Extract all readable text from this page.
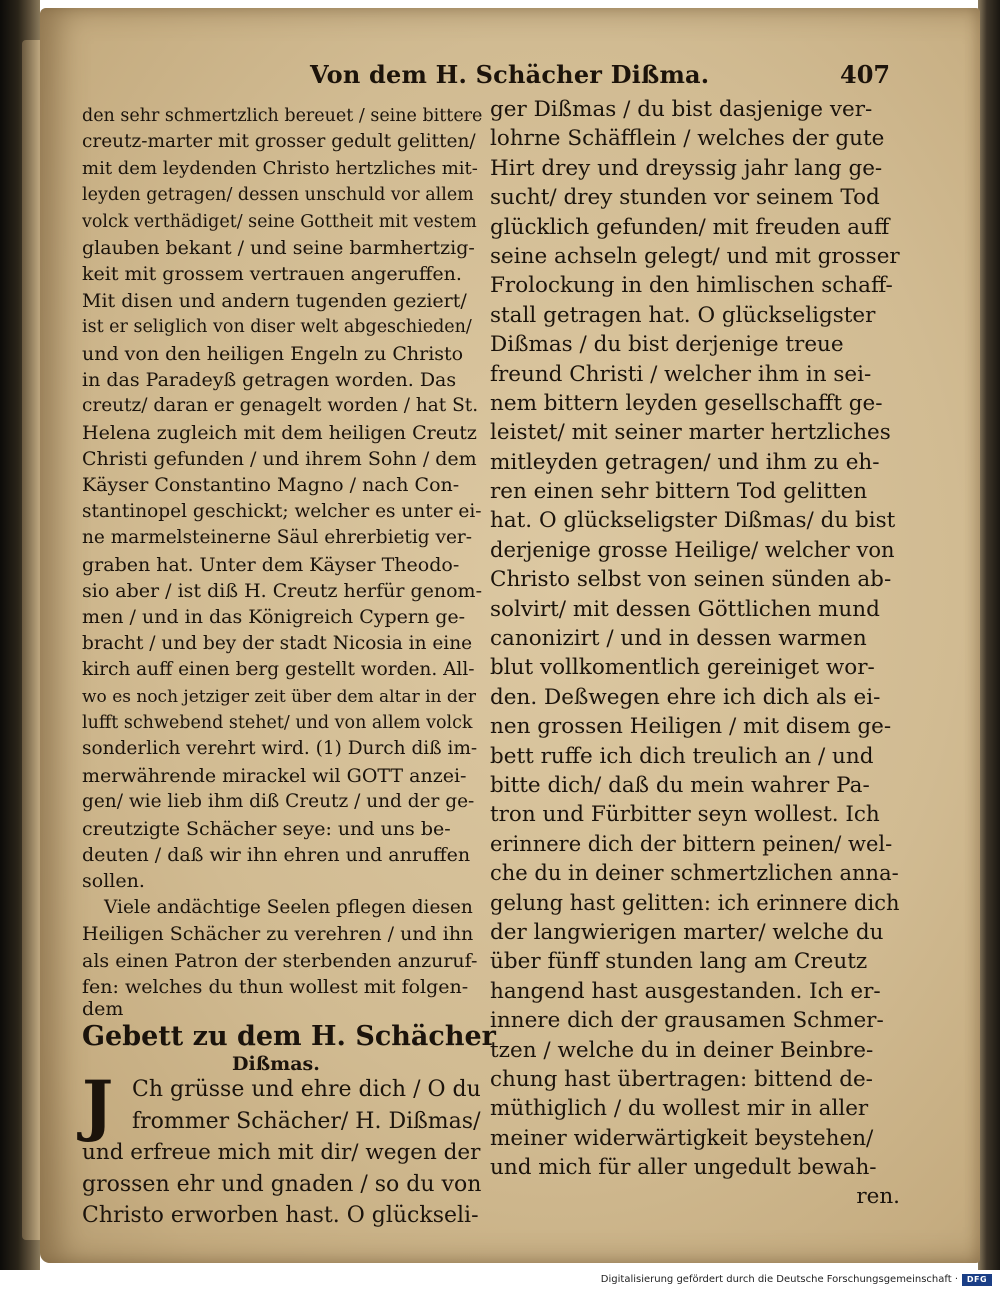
Von dem H. Schächer Dißma.	407
den sehr schmertzlich bereuet / seine bittere
creutz-marter mit grosser gedult gelitten/
mit dem leydenden Christo hertzliches mit-
leyden getragen/ dessen unschuld vor allem
volck verthädiget/ seine Gottheit mit vestem
glauben bekant / und seine barmhertzig-
keit mit grossem vertrauen angeruffen.
Mit disen und andern tugenden geziert/
ist er seliglich von diser welt abgeschieden/
und von den heiligen Engeln zu Christo
in das Paradeyß getragen worden. Das
creutz/ daran er genagelt worden / hat St.
Helena zugleich mit dem heiligen Creutz
Christi gefunden / und ihrem Sohn / dem
Käyser Constantino Magno / nach Con-
stantinopel geschickt; welcher es unter ei-
ne marmelsteinerne Säul ehrerbietig ver-
graben hat. Unter dem Käyser Theodo-
sio aber / ist diß H. Creutz herfür genom-
men / und in das Königreich Cypern ge-
bracht / und bey der stadt Nicosia in eine
kirch auff einen berg gestellt worden. All-
wo es noch jetziger zeit über dem altar in der
lufft schwebend stehet/ und von allem volck
sonderlich verehrt wird. (1) Durch diß im-
merwährende mirackel wil GOTT anzei-
gen/ wie lieb ihm diß Creutz / und der ge-
creutzigte Schächer seye: und uns be-
deuten / daß wir ihn ehren und anruffen
sollen.
Viele andächtige Seelen pflegen diesen
Heiligen Schächer zu verehren / und ihn
als einen Patron der sterbenden anzuruf-
fen: welches du thun wollest mit folgen-
dem
Gebett zu dem H. Schächer
Dißmas.
J Ch grüsse und ehre dich / O du
frommer Schächer/ H. Dißmas/
und erfreue mich mit dir/ wegen der
grossen ehr und gnaden / so du von
Christo erworben hast. O glückseli-
ger Dißmas / du bist dasjenige ver-
lohrne Schäfflein / welches der gute
Hirt drey und dreyssig jahr lang ge-
sucht/ drey stunden vor seinem Tod
glücklich gefunden/ mit freuden auff
seine achseln gelegt/ und mit grosser
Frolockung in den himlischen schaff-
stall getragen hat. O glückseligster
Dißmas / du bist derjenige treue
freund Christi / welcher ihm in sei-
nem bittern leyden gesellschafft ge-
leistet/ mit seiner marter hertzliches
mitleyden getragen/ und ihm zu eh-
ren einen sehr bittern Tod gelitten
hat. O glückseligster Dißmas/ du bist
derjenige grosse Heilige/ welcher von
Christo selbst von seinen sünden ab-
solvirt/ mit dessen Göttlichen mund
canonizirt / und in dessen warmen
blut vollkomentlich gereiniget wor-
den. Deßwegen ehre ich dich als ei-
nen grossen Heiligen / mit disem ge-
bett ruffe ich dich treulich an / und
bitte dich/ daß du mein wahrer Pa-
tron und Fürbitter seyn wollest. Ich
erinnere dich der bittern peinen/ wel-
che du in deiner schmertzlichen anna-
gelung hast gelitten: ich erinnere dich
der langwierigen marter/ welche du
über fünff stunden lang am Creutz
hangend hast ausgestanden. Ich er-
innere dich der grausamen Schmer-
tzen / welche du in deiner Beinbre-
chung hast übertragen: bittend de-
müthiglich / du wollest mir in aller
meiner widerwärtigkeit beystehen/
und mich für aller ungedult bewah-
ren.
Digitalisierung gefördert durch die Deutsche Forschungsgemeinschaft ·	DFG
